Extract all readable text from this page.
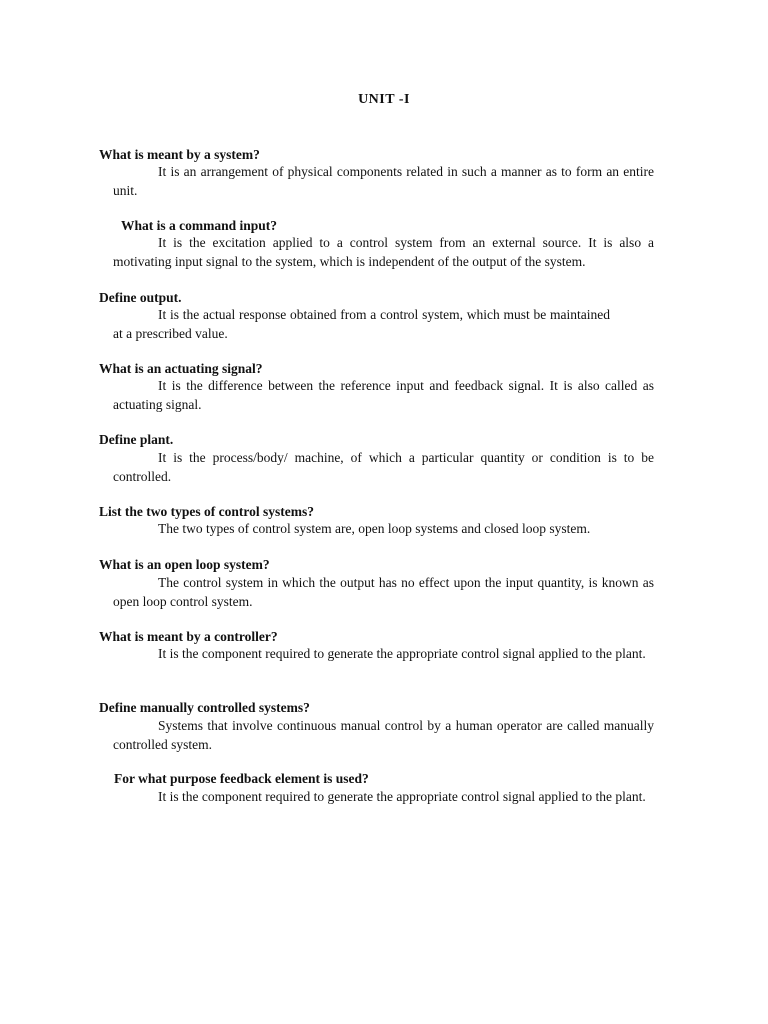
UNIT -I
What is meant by a system?
It is an arrangement of physical components related in such a manner as to form an entire unit.
What is a command input?
It is the excitation applied to a control system from an external source. It is also a motivating input signal to the system, which is independent of the output of the system.
Define output.
It is the actual response obtained from a control system, which must be maintained at a prescribed value.
What is an actuating signal?
It is the difference between the reference input and feedback signal. It is also called as actuating signal.
Define plant.
It is the process/body/ machine, of which a particular quantity or condition is to be controlled.
List the two types of control systems?
The two types of control system are, open loop systems and closed loop system.
What is an open loop system?
The control system in which the output has no effect upon the input quantity, is known as open loop control system.
What is meant by a controller?
It is the component required to generate the appropriate control signal applied to the plant.
Define manually controlled systems?
Systems that involve continuous manual control by a human operator are called manually controlled system.
For what purpose feedback element is used?
It is the component required to generate the appropriate control signal applied to the plant.
